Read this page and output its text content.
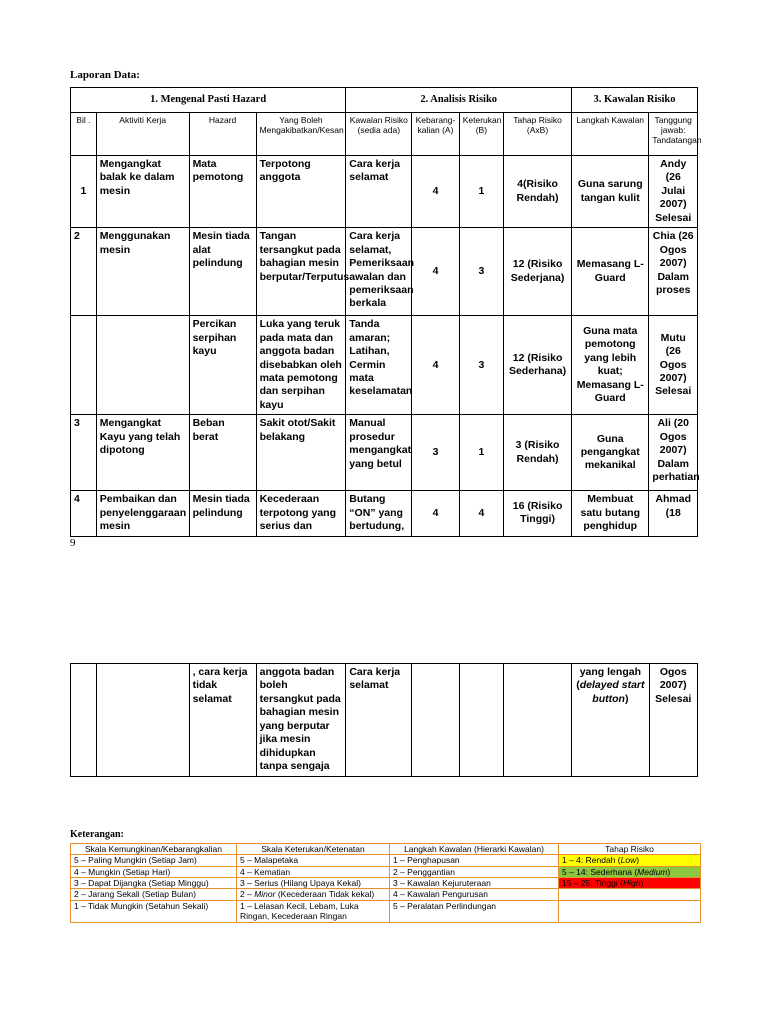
Laporan Data:
1. Mengenal Pasti Hazard				2. Analisis Risiko				3. Kawalan Risiko	
Bil .	Aktiviti Kerja	Hazard	Yang Boleh Mengakibatkan/Kesan	Kawalan Risiko (sedia ada)	Kebarang-kalian (A)	Keterukan (B)	Tahap Risiko (AxB)	Langkah Kawalan	Tanggung jawab: Tandatangan
1	Mengangkat balak ke dalam mesin	Mata pemotong	Terpotong anggota	Cara kerja selamat	4	1	4(Risiko Rendah)	Guna sarung tangan kulit	Andy (26 Julai 2007) Selesai
2	Menggunakan mesin	Mesin tiada alat pelindung	Tangan tersangkut pada bahagian mesin berputar/Terputus	Cara kerja selamat, Pemeriksaan awalan dan pemeriksaan berkala	4	3	12 (Risiko Sederjana)	Memasang L-Guard	Chia (26 Ogos 2007) Dalam proses
		Percikan serpihan kayu	Luka yang teruk pada mata dan anggota badan disebabkan oleh mata pemotong dan serpihan kayu	Tanda amaran; Latihan, Cermin mata keselamatan	4	3	12 (Risiko Sederhana)	Guna mata pemotong yang lebih kuat; Memasang L-Guard	Mutu (26 Ogos 2007) Selesai
3	Mengangkat Kayu yang telah dipotong	Beban berat	Sakit otot/Sakit belakang	Manual prosedur mengangkat yang betul	3	1	3 (Risiko Rendah)	Guna pengangkat mekanikal	Ali (20 Ogos 2007) Dalam perhatian
4	Pembaikan dan penyelenggaraan mesin	Mesin tiada pelindung	Kecederaan terpotong yang serius dan	Butang “ON” yang bertudung,	4	4	16 (Risiko Tinggi)	Membuat satu butang penghidup	Ahmad (18
9
		, cara kerja tidak selamat	anggota badan boleh tersangkut pada bahagian mesin yang berputar jika mesin dihidupkan tanpa sengaja	Cara kerja selamat				yang lengah (delayed start button)	Ogos 2007) Selesai
Keterangan:
Skala Kemungkinan/Kebarangkalian	Skala Keterukan/Ketenatan	Langkah Kawalan (Hierarki Kawalan)	Tahap Risiko
5 – Paling Mungkin (Setiap Jam)	5 – Malapetaka	1 – Penghapusan	1 – 4: Rendah (Low)
4 – Mungkin (Setiap Hari)	4 – Kematian	2 – Penggantian	5 – 14: Sederhana (Medium)
3 – Dapat Dijangka (Setiap Minggu)	3 – Serius (Hilang Upaya Kekal)	3 – Kawalan Kejuruteraan	15 – 25: Tinggi (High)
2 – Jarang Sekali (Setiap Bulan)	2 – Minor (Kecederaan Tidak kekal)	4 – Kawalan Pengurusan	
1 – Tidak Mungkin (Setahun Sekali)	1 – Lelasan Kecil, Lebam, Luka Ringan, Kecederaan Ringan	5 – Peralatan Perlindungan	
